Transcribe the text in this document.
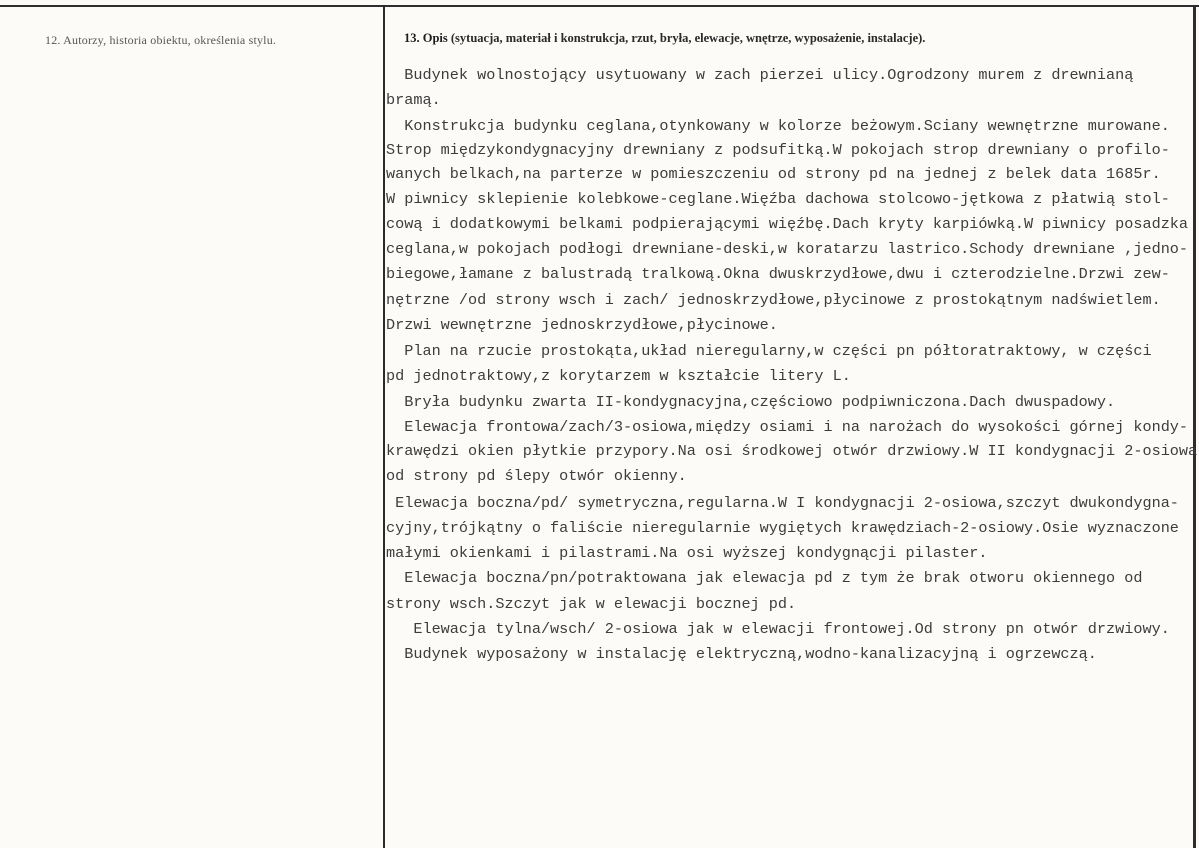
12. Autorzy, historia obiektu, określenia stylu.	13. Opis (sytuacja, materiał i konstrukcja, rzut, bryła, elewacje, wnętrze, wyposażenie, instalacje).
Budynek wolnostojący usytuowany w zach pierzei ulicy.Ogrodzony murem z drewnianą
bramą.
Konstrukcja budynku ceglana,otynkowany w kolorze beżowym.Sciany wewnętrzne murowane.
Strop międzykondygnacyjny drewniany z podsufitką.W pokojach strop drewniany o profilo-
wanych belkach,na parterze w pomieszczeniu od strony pd na jednej z belek data 1685r.
W piwnicy sklepienie kolebkowe-ceglane.Więźba dachowa stolcowo-jętkowa z płatwią stol-
cową i dodatkowymi belkami podpierającymi więźbę.Dach kryty karpiówką.W piwnicy posadzka
ceglana,w pokojach podłogi drewniane-deski,w koratarzu lastrico.Schody drewniane ,jedno-
biegowe,łamane z balustradą tralkową.Okna dwuskrzydłowe,dwu i czterodzielne.Drzwi zew-
nętrzne /od strony wsch i zach/ jednoskrzydłowe,płycinowe z prostokątnym nadświetlem.
Drzwi wewnętrzne jednoskrzydłowe,płycinowe.
Plan na rzucie prostokąta,układ nieregularny,w części pn półtoratraktowy, w części
pd jednotraktowy,z korytarzem w kształcie litery L.
Bryła budynku zwarta II-kondygnacyjna,częściowo podpiwniczona.Dach dwuspadowy.
Elewacja frontowa/zach/3-osiowa,między osiami i na narożach do wysokości górnej kondy-
krawędzi okien płytkie przypory.Na osi środkowej otwór drzwiowy.W II kondygnacji 2-osiowa
od strony pd ślepy otwór okienny.
Elewacja boczna/pd/ symetryczna,regularna.W I kondygnacji 2-osiowa,szczyt dwukondygna-
cyjny,trójkątny o faliście nieregularnie wygiętych krawędziach-2-osiowy.Osie wyznaczone
małymi okienkami i pilastrami.Na osi wyższej kondygnącji pilaster.
Elewacja boczna/pn/potraktowana jak elewacja pd z tym że brak otworu okiennego od
strony wsch.Szczyt jak w elewacji bocznej pd.
Elewacja tylna/wsch/ 2-osiowa jak w elewacji frontowej.Od strony pn otwór drzwiowy.
Budynek wyposażony w instalację elektryczną,wodno-kanalizacyjną i ogrzewczą.
